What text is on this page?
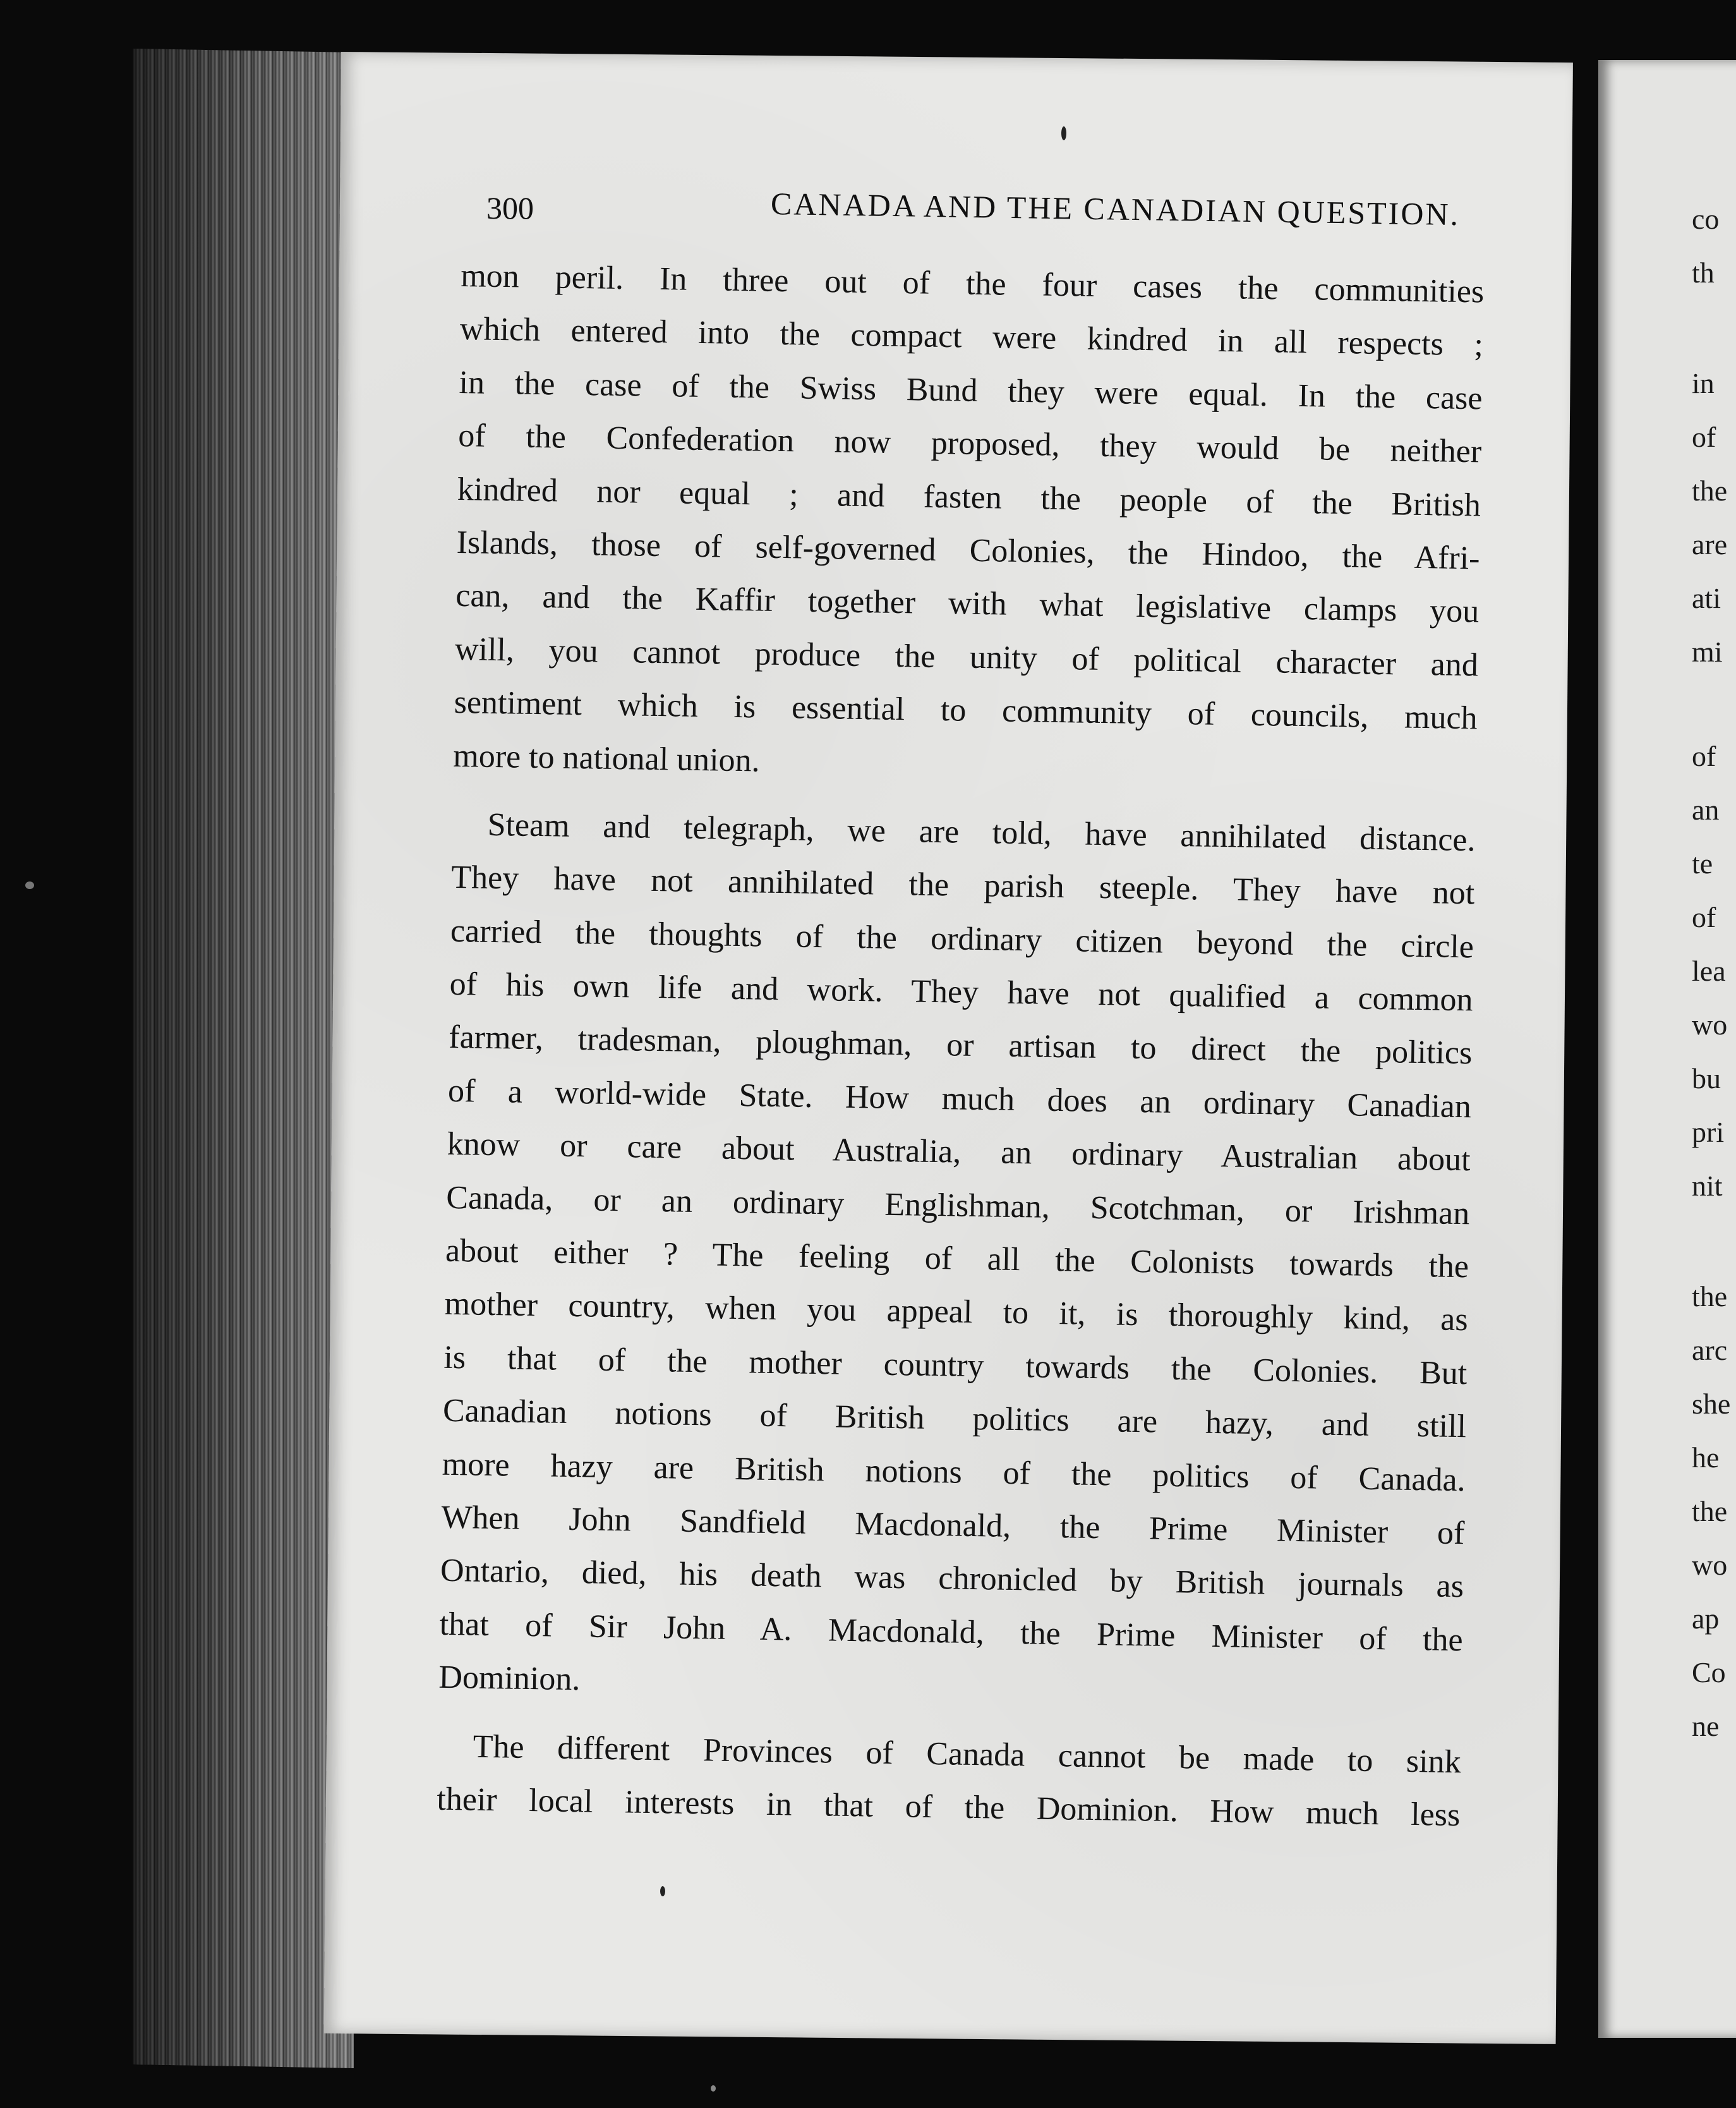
co
th
in
of
the
are
ati
mi
of
an
te
of
lea
wo
bu
pri
nit
the
arc
she
he
the
wo
ap
Co
ne
300	CANADA AND THE CANADIAN QUESTION.
mon peril. In three out of the four cases the communities
which entered into the compact were kindred in all respects ;
in the case of the Swiss Bund they were equal. In the case
of the Confederation now proposed, they would be neither
kindred nor equal ; and fasten the people of the British
Islands, those of self-governed Colonies, the Hindoo, the Afri-
can, and the Kaffir together with what legislative clamps you
will, you cannot produce the unity of political character and
sentiment which is essential to community of councils, much
more to national union.
Steam and telegraph, we are told, have annihilated distance.
They have not annihilated the parish steeple. They have not
carried the thoughts of the ordinary citizen beyond the circle
of his own life and work. They have not qualified a common
farmer, tradesman, ploughman, or artisan to direct the politics
of a world-wide State. How much does an ordinary Canadian
know or care about Australia, an ordinary Australian about
Canada, or an ordinary Englishman, Scotchman, or Irishman
about either ? The feeling of all the Colonists towards the
mother country, when you appeal to it, is thoroughly kind, as
is that of the mother country towards the Colonies. But
Canadian notions of British politics are hazy, and still
more hazy are British notions of the politics of Canada.
When John Sandfield Macdonald, the Prime Minister of
Ontario, died, his death was chronicled by British journals as
that of Sir John A. Macdonald, the Prime Minister of the
Dominion.
The different Provinces of Canada cannot be made to sink
their local interests in that of the Dominion. How much less
